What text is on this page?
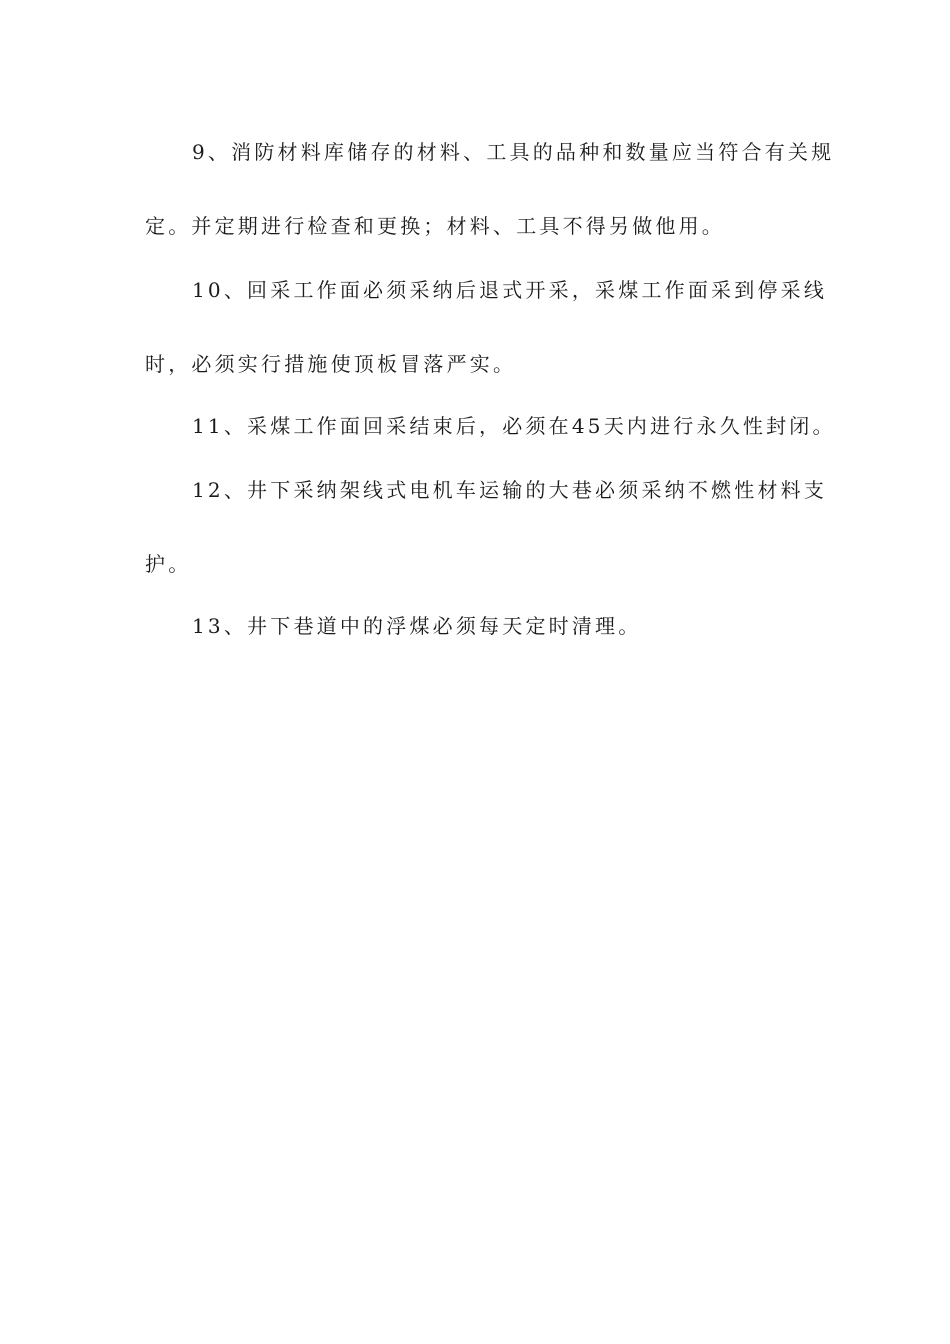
9、消防材料库储存的材料、工具的品种和数量应当符合有关规
定。并定期进行检查和更换；材料、工具不得另做他用。
10、回采工作面必须采纳后退式开采，采煤工作面采到停采线
时，必须实行措施使顶板冒落严实。
11、采煤工作面回采结束后，必须在45天内进行永久性封闭。
12、井下采纳架线式电机车运输的大巷必须采纳不燃性材料支
护。
13、井下巷道中的浮煤必须每天定时清理。
